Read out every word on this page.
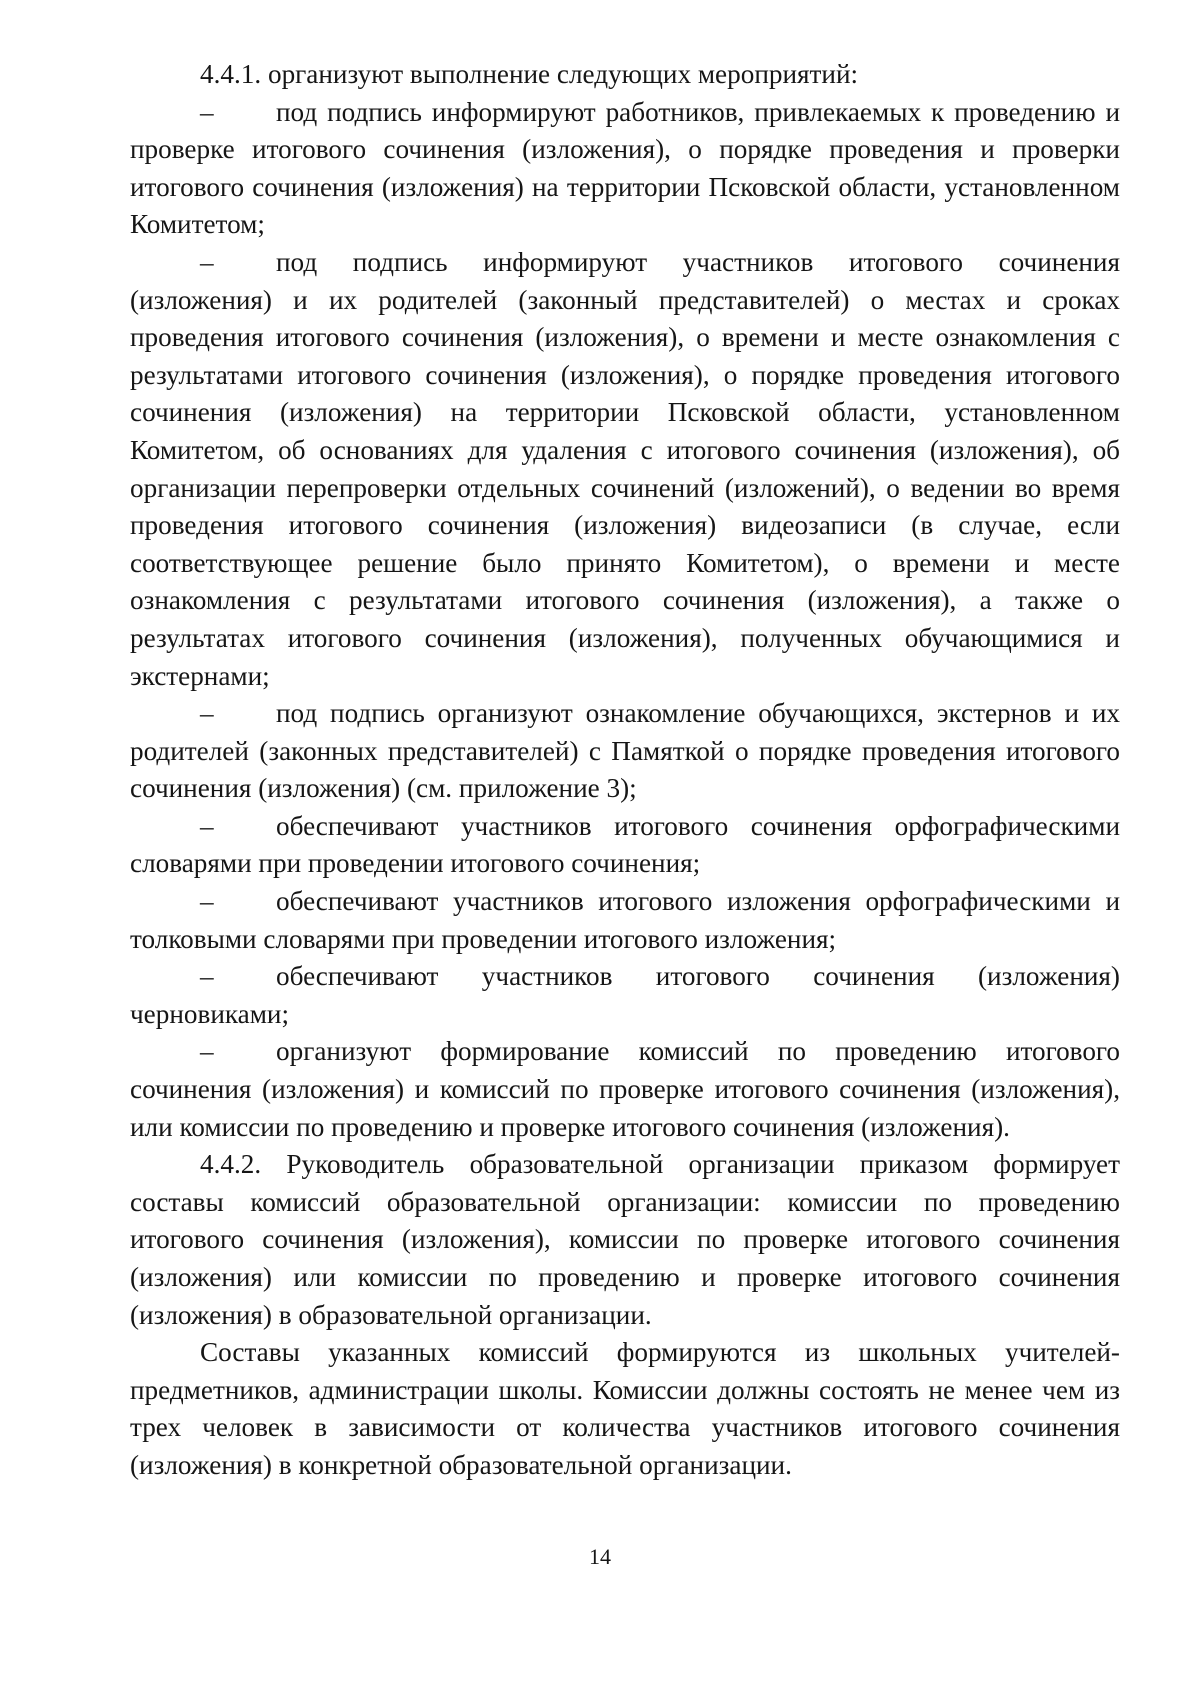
4.4.1. организуют выполнение следующих мероприятий:

– под подпись информируют работников, привлекаемых к проведению и проверке итогового сочинения (изложения), о порядке проведения и проверки итогового сочинения (изложения) на территории Псковской области, установленном Комитетом;

– под подпись информируют участников итогового сочинения (изложения) и их родителей (законный представителей) о местах и сроках проведения итогового сочинения (изложения), о времени и месте ознакомления с результатами итогового сочинения (изложения), о порядке проведения итогового сочинения (изложения) на территории Псковской области, установленном Комитетом, об основаниях для удаления с итогового сочинения (изложения), об организации перепроверки отдельных сочинений (изложений), о ведении во время проведения итогового сочинения (изложения) видеозаписи (в случае, если соответствующее решение было принято Комитетом), о времени и месте ознакомления с результатами итогового сочинения (изложения), а также о результатах итогового сочинения (изложения), полученных обучающимися и экстернами;

– под подпись организуют ознакомление обучающихся, экстернов и их родителей (законных представителей) с Памяткой о порядке проведения итогового сочинения (изложения) (см. приложение 3);

– обеспечивают участников итогового сочинения орфографическими словарями при проведении итогового сочинения;

– обеспечивают участников итогового изложения орфографическими и толковыми словарями при проведении итогового изложения;

– обеспечивают участников итогового сочинения (изложения) черновиками;

– организуют формирование комиссий по проведению итогового сочинения (изложения) и комиссий по проверке итогового сочинения (изложения), или комиссии по проведению и проверке итогового сочинения (изложения).

4.4.2. Руководитель образовательной организации приказом формирует составы комиссий образовательной организации: комиссии по проведению итогового сочинения (изложения), комиссии по проверке итогового сочинения (изложения) или комиссии по проведению и проверке итогового сочинения (изложения) в образовательной организации.

Составы указанных комиссий формируются из школьных учителей-предметников, администрации школы. Комиссии должны состоять не менее чем из трех человек в зависимости от количества участников итогового сочинения (изложения) в конкретной образовательной организации.

14
